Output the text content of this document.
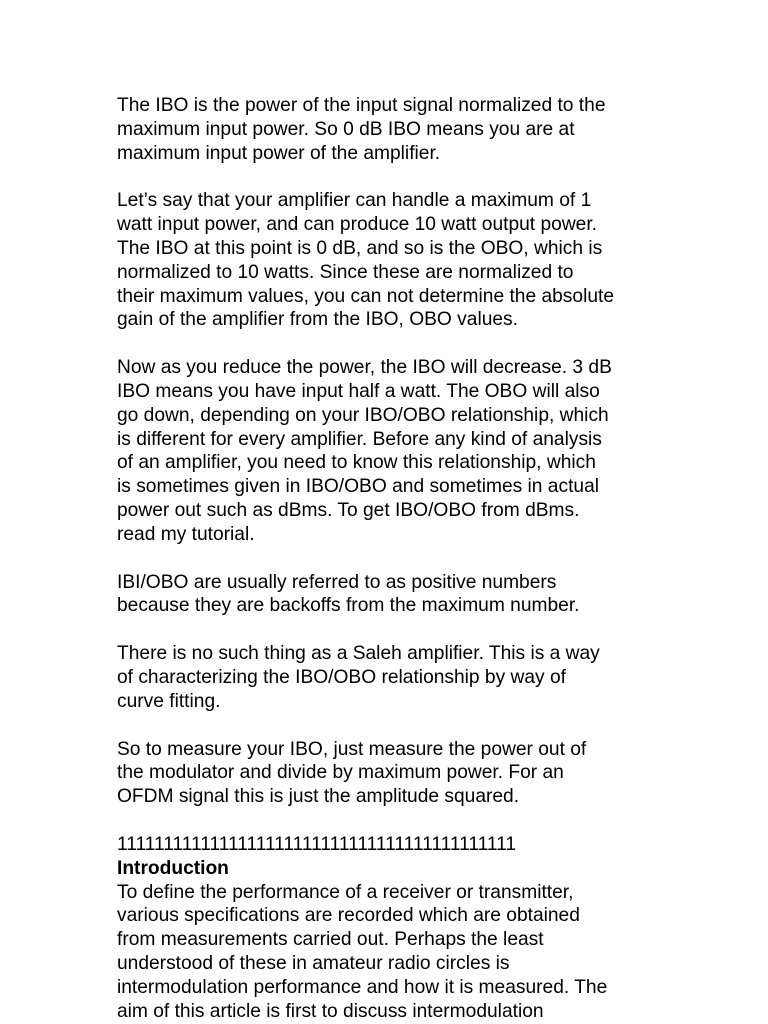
The IBO is the power of the input signal normalized to the
maximum input power. So 0 dB IBO means you are at
maximum input power of the amplifier.
Let’s say that your amplifier can handle a maximum of 1
watt input power, and can produce 10 watt output power.
The IBO at this point is 0 dB, and so is the OBO, which is
normalized to 10 watts. Since these are normalized to
their maximum values, you can not determine the absolute
gain of the amplifier from the IBO, OBO values.
Now as you reduce the power, the IBO will decrease. 3 dB
IBO means you have input half a watt. The OBO will also
go down, depending on your IBO/OBO relationship, which
is different for every amplifier. Before any kind of analysis
of an amplifier, you need to know this relationship, which
is sometimes given in IBO/OBO and sometimes in actual
power out such as dBms. To get IBO/OBO from dBms.
read my tutorial.
IBI/OBO are usually referred to as positive numbers
because they are backoffs from the maximum number.
There is no such thing as a Saleh amplifier. This is a way
of characterizing the IBO/OBO relationship by way of
curve fitting.
So to measure your IBO, just measure the power out of
the modulator and divide by maximum power. For an
OFDM signal this is just the amplitude squared.
1111111111111111111111111111111111111111111
Introduction
To define the performance of a receiver or transmitter,
various specifications are recorded which are obtained
from measurements carried out. Perhaps the least
understood of these in amateur radio circles is
intermodulation performance and how it is measured. The
aim of this article is first to discuss intermodulation
